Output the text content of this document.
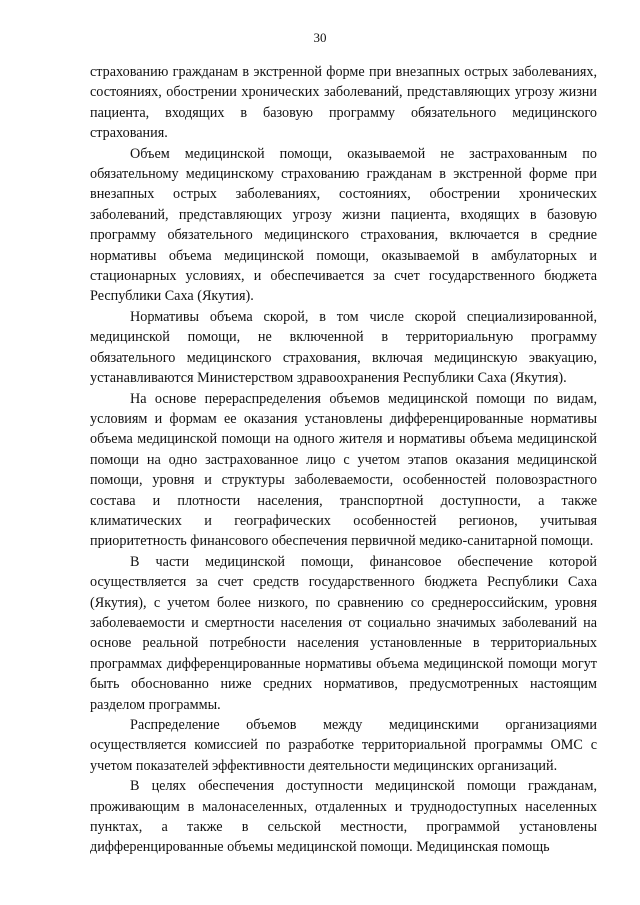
30

страхованию гражданам в экстренной форме при внезапных острых заболеваниях, состояниях, обострении хронических заболеваний, представляющих угрозу жизни пациента, входящих в базовую программу обязательного медицинского страхования.

Объем медицинской помощи, оказываемой не застрахованным по обязательному медицинскому страхованию гражданам в экстренной форме при внезапных острых заболеваниях, состояниях, обострении хронических заболеваний, представляющих угрозу жизни пациента, входящих в базовую программу обязательного медицинского страхования, включается в средние нормативы объема медицинской помощи, оказываемой в амбулаторных и стационарных условиях, и обеспечивается за счет государственного бюджета Республики Саха (Якутия).

Нормативы объема скорой, в том числе скорой специализированной, медицинской помощи, не включенной в территориальную программу обязательного медицинского страхования, включая медицинскую эвакуацию, устанавливаются Министерством здравоохранения Республики Саха (Якутия).

На основе перераспределения объемов медицинской помощи по видам, условиям и формам ее оказания установлены дифференцированные нормативы объема медицинской помощи на одного жителя и нормативы объема медицинской помощи на одно застрахованное лицо с учетом этапов оказания медицинской помощи, уровня и структуры заболеваемости, особенностей половозрастного состава и плотности населения, транспортной доступности, а также климатических и географических особенностей регионов, учитывая приоритетность финансового обеспечения первичной медико-санитарной помощи.

В части медицинской помощи, финансовое обеспечение которой осуществляется за счет средств государственного бюджета Республики Саха (Якутия), с учетом более низкого, по сравнению со среднероссийским, уровня заболеваемости и смертности населения от социально значимых заболеваний на основе реальной потребности населения установленные в территориальных программах дифференцированные нормативы объема медицинской помощи могут быть обоснованно ниже средних нормативов, предусмотренных настоящим разделом программы.

Распределение объемов между медицинскими организациями осуществляется комиссией по разработке территориальной программы ОМС с учетом показателей эффективности деятельности медицинских организаций.

В целях обеспечения доступности медицинской помощи гражданам, проживающим в малонаселенных, отдаленных и труднодоступных населенных пунктах, а также в сельской местности, программой установлены дифференцированные объемы медицинской помощи. Медицинская помощь
